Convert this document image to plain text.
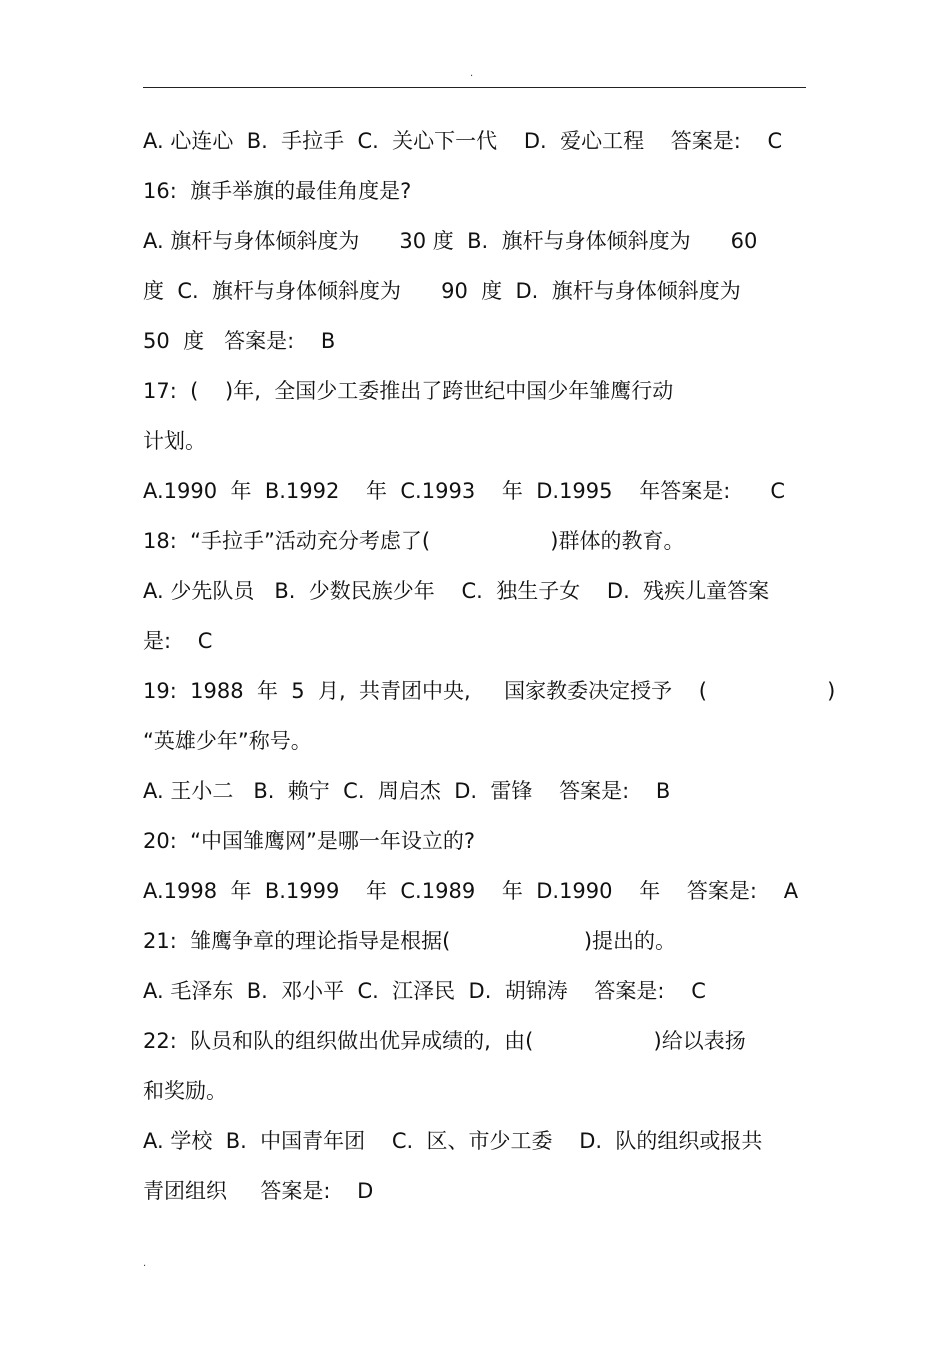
.
A. 心连心  B.  手拉手  C.  关心下一代    D.  爱心工程    答案是:    C
16:  旗手举旗的最佳角度是?
A. 旗杆与身体倾斜度为      30 度  B.  旗杆与身体倾斜度为      60
度  C.  旗杆与身体倾斜度为      90  度  D.  旗杆与身体倾斜度为
50  度   答案是:    B
17:  (    )年,  全国少工委推出了跨世纪中国少年雏鹰行动
计划。
A.1990  年  B.1992    年  C.1993    年  D.1995    年答案是:      C
18:  “手拉手”活动充分考虑了(                  )群体的教育。
A. 少先队员   B.  少数民族少年    C.  独生子女    D.  残疾儿童答案
是:    C
19:  1988  年  5  月,  共青团中央,     国家教委决定授予    (                  )
“英雄少年”称号。
A. 王小二   B.  赖宁  C.  周启杰  D.  雷锋    答案是:    B
20:  “中国雏鹰网”是哪一年设立的?
A.1998  年  B.1999    年  C.1989    年  D.1990    年    答案是:    A
21:  雏鹰争章的理论指导是根据(                    )提出的。
A. 毛泽东  B.  邓小平  C.  江泽民  D.  胡锦涛    答案是:    C
22:  队员和队的组织做出优异成绩的,  由(                  )给以表扬
和奖励。
A. 学校  B.  中国青年团    C.  区、市少工委    D.  队的组织或报共
青团组织     答案是:    D
.
